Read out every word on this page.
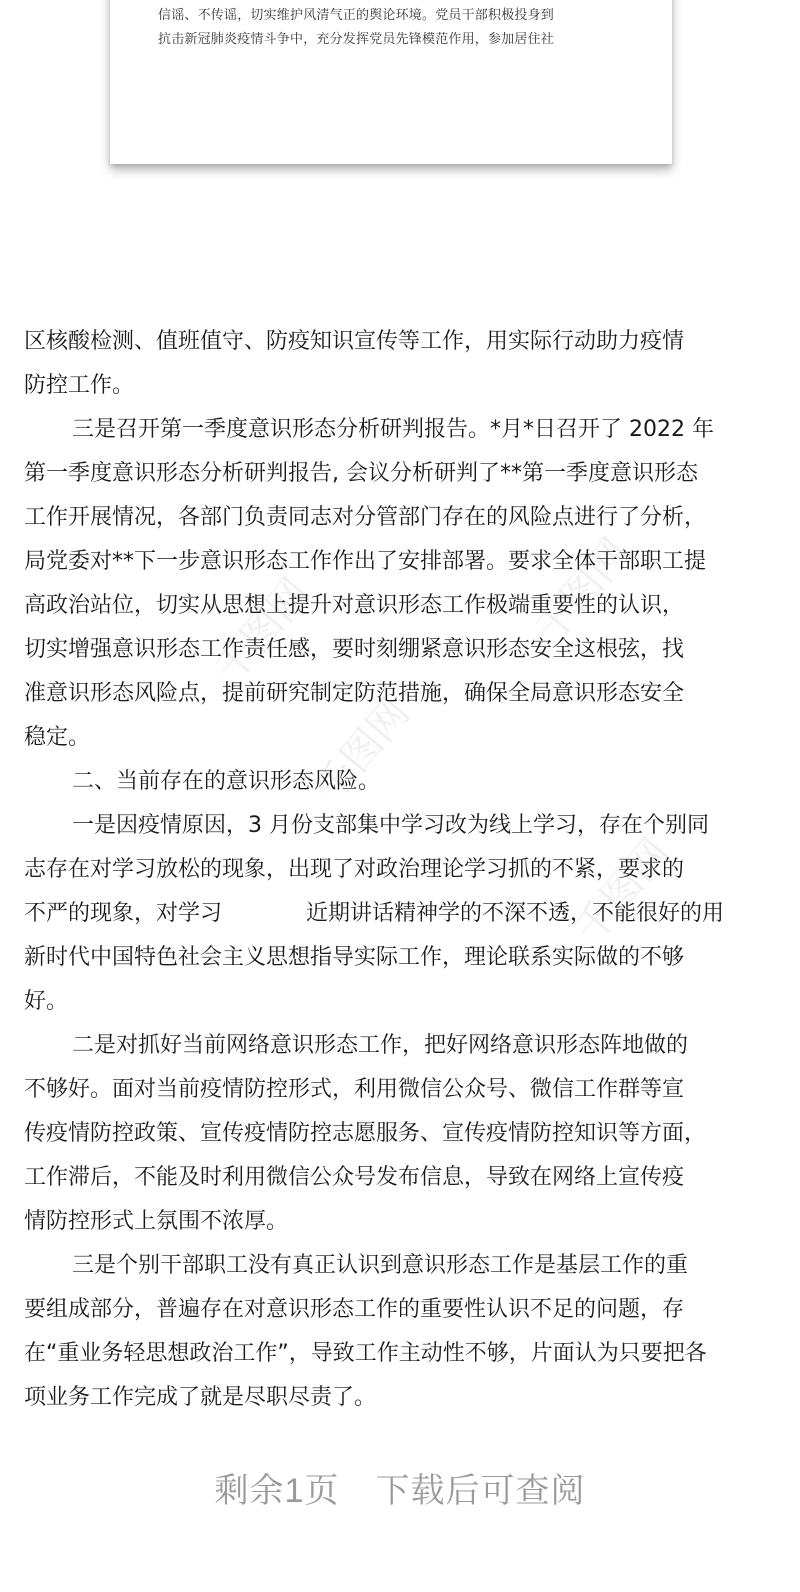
信谣、不传谣，切实维护风清气正的舆论环境。党员干部积极投身到
抗击新冠肺炎疫情斗争中，充分发挥党员先锋模范作用，参加居住社
千图网
千图网
千图网
千图网
区核酸检测、值班值守、防疫知识宣传等工作，用实际行动助力疫情
防控工作。
三是召开第一季度意识形态分析研判报告。*月*日召开了 2022 年
第一季度意识形态分析研判报告, 会议分析研判了**第一季度意识形态
工作开展情况，各部门负责同志对分管部门存在的风险点进行了分析，
局党委对**下一步意识形态工作作出了安排部署。要求全体干部职工提
高政治站位，切实从思想上提升对意识形态工作极端重要性的认识，
切实增强意识形态工作责任感，要时刻绷紧意识形态安全这根弦，找
准意识形态风险点，提前研究制定防范措施，确保全局意识形态安全
稳定。
二、当前存在的意识形态风险。
一是因疫情原因，3 月份支部集中学习改为线上学习，存在个别同
志存在对学习放松的现象，出现了对政治理论学习抓的不紧，要求的
不严的现象，对学习	近期讲话精神学的不深不透，不能很好的用
新时代中国特色社会主义思想指导实际工作，理论联系实际做的不够
好。
二是对抓好当前网络意识形态工作，把好网络意识形态阵地做的
不够好。面对当前疫情防控形式，利用微信公众号、微信工作群等宣
传疫情防控政策、宣传疫情防控志愿服务、宣传疫情防控知识等方面，
工作滞后，不能及时利用微信公众号发布信息，导致在网络上宣传疫
情防控形式上氛围不浓厚。
三是个别干部职工没有真正认识到意识形态工作是基层工作的重
要组成部分，普遍存在对意识形态工作的重要性认识不足的问题，存
在“重业务轻思想政治工作”，导致工作主动性不够，片面认为只要把各
项业务工作完成了就是尽职尽责了。
剩余1页 下载后可查阅
